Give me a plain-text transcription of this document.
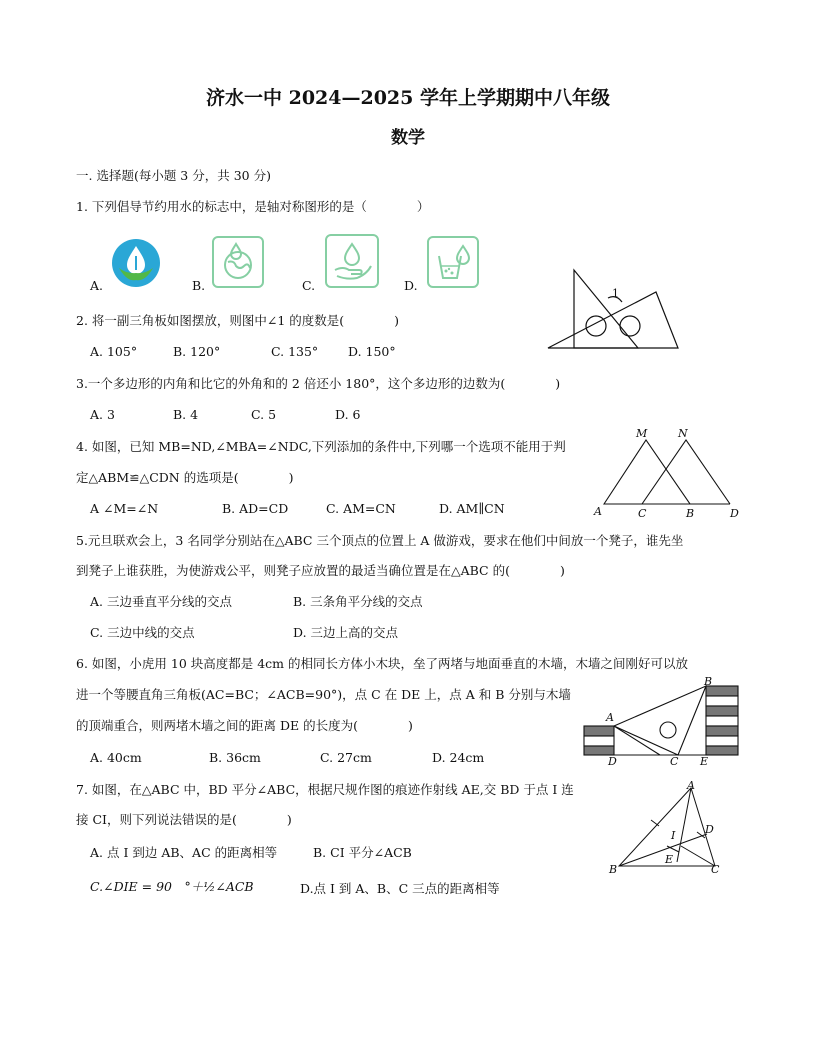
济水一中 2024—2025 学年上学期期中八年级
数学
一. 选择题(每小题 3 分，共 30 分)
1. 下列倡导节约用水的标志中，是轴对称图形的是（　　　　）
A.	B.	C.	D.
1
2. 将一副三角板如图摆放，则图中∠1 的度数是(　　　　)
A. 105°	B. 120°	C. 135° D. 150°
3.一个多边形的内角和比它的外角和的 2 倍还小 180°，这个多边形的边数为(　　　　)
A. 3	B. 4	C. 5	D. 6
4. 如图，已知 MB=ND,∠MBA=∠NDC,下列添加的条件中,下列哪一个选项不能用于判
定△ABM≌△CDN 的选项是(　　　　)
A ∠M=∠N	B. AD=CD	C. AM=CN	D. AM∥CN
M	N
A	C	B	D
5.元旦联欢会上，3 名同学分别站在△ABC 三个顶点的位置上 A 做游戏，要求在他们中间放一个凳子，谁先坐
到凳子上谁获胜，为使游戏公平，则凳子应放置的最适当确位置是在△ABC 的(　　　　)
A. 三边垂直平分线的交点	B. 三条角平分线的交点
C. 三边中线的交点	D. 三边上高的交点
6. 如图，小虎用 10 块高度都是 4cm 的相同长方体小木块，垒了两堵与地面垂直的木墙，木墙之间刚好可以放
进一个等腰直角三角板(AC=BC；∠ACB=90°)，点 C 在 DE 上，点 A 和 B 分别与木墙
的顶端重合，则两堵木墙之间的距离 DE 的长度为(　　　　)
A. 40cm	B. 36cm	C. 27cm	D. 24cm
A
B
D	C E
7. 如图，在△ABC 中，BD 平分∠ABC，根据尺规作图的痕迹作射线 AE,交 BD 于点 I 连
接 CI，则下列说法错误的是(　　　　)
A. 点 I 到边 AB、AC 的距离相等	B. CI 平分∠ACB
C.∠DIE = 90　°＋½∠ACB	D.点 I 到 A、B、C 三点的距离相等
A
B	C
D
I
E
